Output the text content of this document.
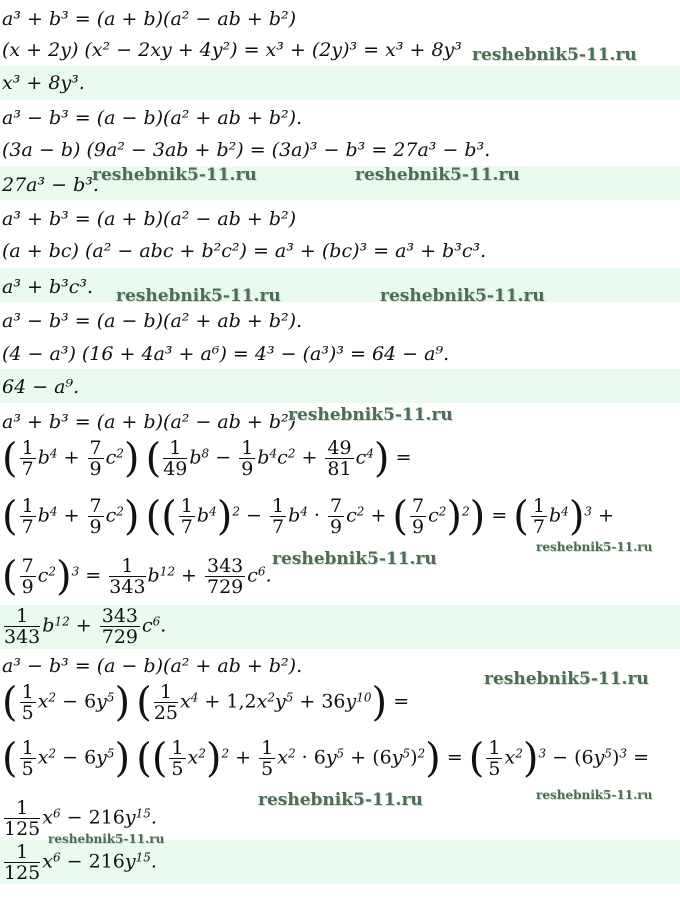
a³ + b³ = (a + b)(a² − ab + b²)
(x + 2y) (x² − 2xy + 4y²) = x³ + (2y)³ = x³ + 8y³
x³ + 8y³.
a³ − b³ = (a − b)(a² + ab + b²).
(3a − b) (9a² − 3ab + b²) = (3a)³ − b³ = 27a³ − b³.
27a³ − b³.
a³ + b³ = (a + b)(a² − ab + b²)
(a + bc) (a² − abc + b²c²) = a³ + (bc)³ = a³ + b³c³.
a³ + b³c³.
a³ − b³ = (a − b)(a² + ab + b²).
(4 − a³) (16 + 4a³ + a⁶) = 4³ − (a³)³ = 64 − a⁹.
64 − a⁹.
a³ + b³ = (a + b)(a² − ab + b²)
( $\frac{1}{7} b^4 + \frac{7}{9} c^2$) ( $\frac{1}{49} b^8 - \frac{1}{9} b^4c^2 + \frac{49}{81} c^4$) =
( $\frac{1}{7} b^4 + \frac{7}{9} c^2$) (( $\frac{1}{7} b^4)^2 - \frac{1}{7} b^4 \cdot \frac{7}{9} c^2$ + ( $\frac{7}{9} c^2)^2$) = ( $\frac{1}{7} b^4)^3$ +
( $\frac{7}{9} c^2)^3 = \frac{1}{343} b^{12} + \frac{343}{729} c^6$.
$\frac{1}{343} b^{12} + \frac{343}{729} c^6$.
a³ − b³ = (a − b)(a² + ab + b²).
( $\frac{1}{5} x^2 - 6y^5$) ( $\frac{1}{25} x^4 + 1,2x^2y^5 + 36y^{10}$) =
( $\frac{1}{5} x^2 - 6y^5$) (( $\frac{1}{5} x^2)^2 + \frac{1}{5} x^2 \cdot 6y^5 + (6y^5)^2$) = ( $\frac{1}{5} x^2)^3 - (6y^5)^3$ =
$\frac{1}{125} x^6 - 216y^{15}$.
$\frac{1}{125} x^6 - 216y^{15}$.
reshebnik5-11.ru
reshebnik5-11.ru	reshebnik5-11.ru
reshebnik5-11.ru	reshebnik5-11.ru
reshebnik5-11.ru
reshebnik5-11.ru
reshebnik5-11.ru
reshebnik5-11.ru
reshebnik5-11.ru
reshebnik5-11.ru
reshebnik5-11.ru
